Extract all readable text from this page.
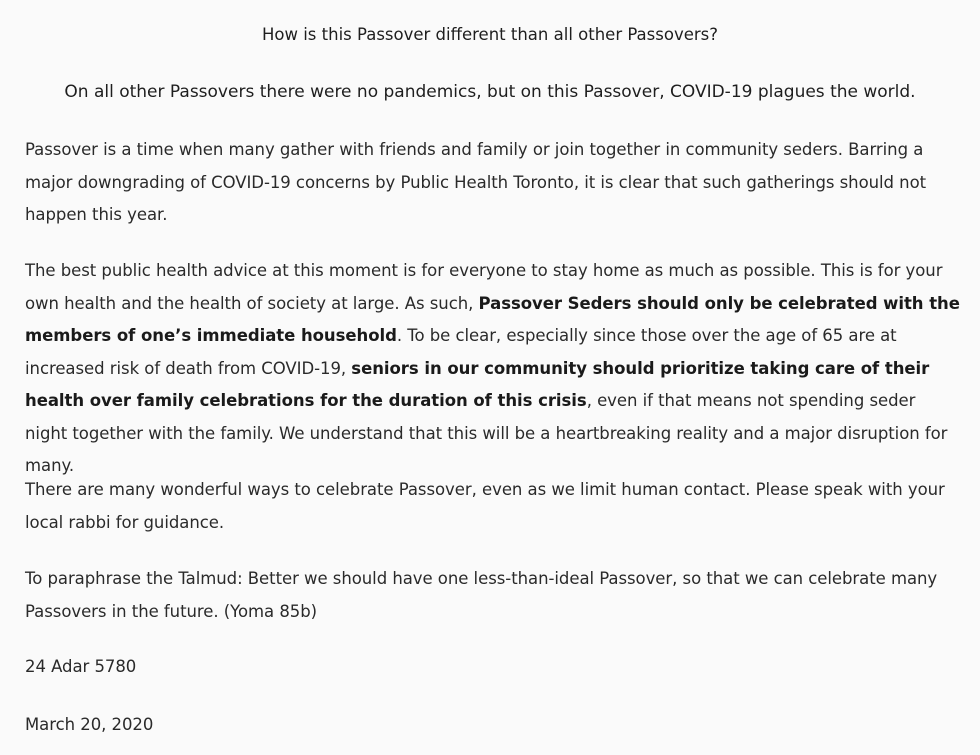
How is this Passover different than all other Passovers?

On all other Passovers there were no pandemics, but on this Passover, COVID-19 plagues the world.

Passover is a time when many gather with friends and family or join together in community seders. Barring a major downgrading of COVID-19 concerns by Public Health Toronto, it is clear that such gatherings should not happen this year.

The best public health advice at this moment is for everyone to stay home as much as possible. This is for your own health and the health of society at large. As such, Passover Seders should only be celebrated with the members of one’s immediate household. To be clear, especially since those over the age of 65 are at increased risk of death from COVID-19, seniors in our community should prioritize taking care of their health over family celebrations for the duration of this crisis, even if that means not spending seder night together with the family. We understand that this will be a heartbreaking reality and a major disruption for many.

There are many wonderful ways to celebrate Passover, even as we limit human contact. Please speak with your local rabbi for guidance.

To paraphrase the Talmud: Better we should have one less-than-ideal Passover, so that we can celebrate many Passovers in the future. (Yoma 85b)

24 Adar 5780

March 20, 2020
